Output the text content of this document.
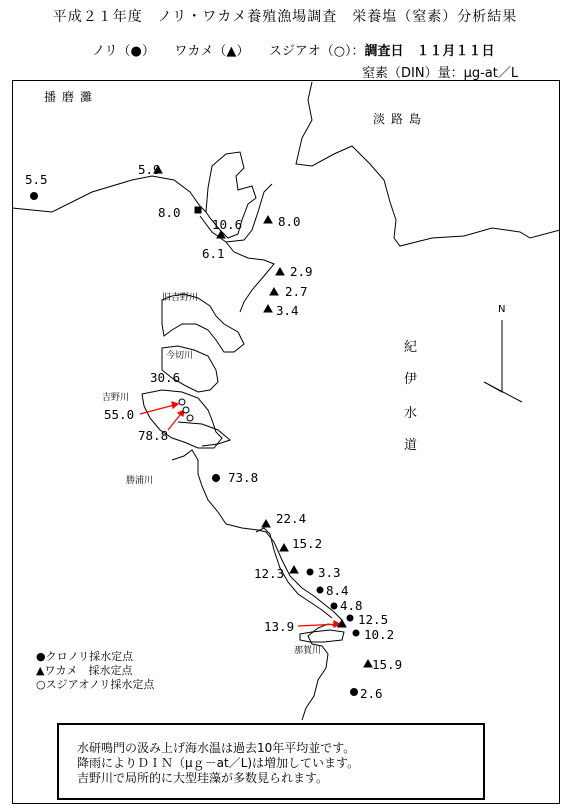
平成２１年度　ノリ・ワカメ養殖漁場調査　栄養塩（窒素）分析結果
ノリ（●）　　ワカメ（▲）　　スジアオ（○）：調査日　１１月１１日
窒素（DIN）量：μg-at／L
播磨灘
淡路島
紀
伊
水
道
旧吉野川
今切川
吉野川
勝浦川
那賀川
N
5.5
5.9
8.0
10.6	8.0
6.1
2.9
2.7
3.4
30.6
55.0
78.8
73.8
22.4
15.2
12.3	3.3
8.4
4.8
12.5
13.9
10.2
15.9
2.6
●クロノリ採水定点
▲ワカメ　採水定点
○スジアオノリ採水定点
水研鳴門の汲み上げ海水温は過去10年平均並です。
降雨によりＤＩＮ（μｇ－at／L)は増加しています。
吉野川で局所的に大型珪藻が多数見られます。
